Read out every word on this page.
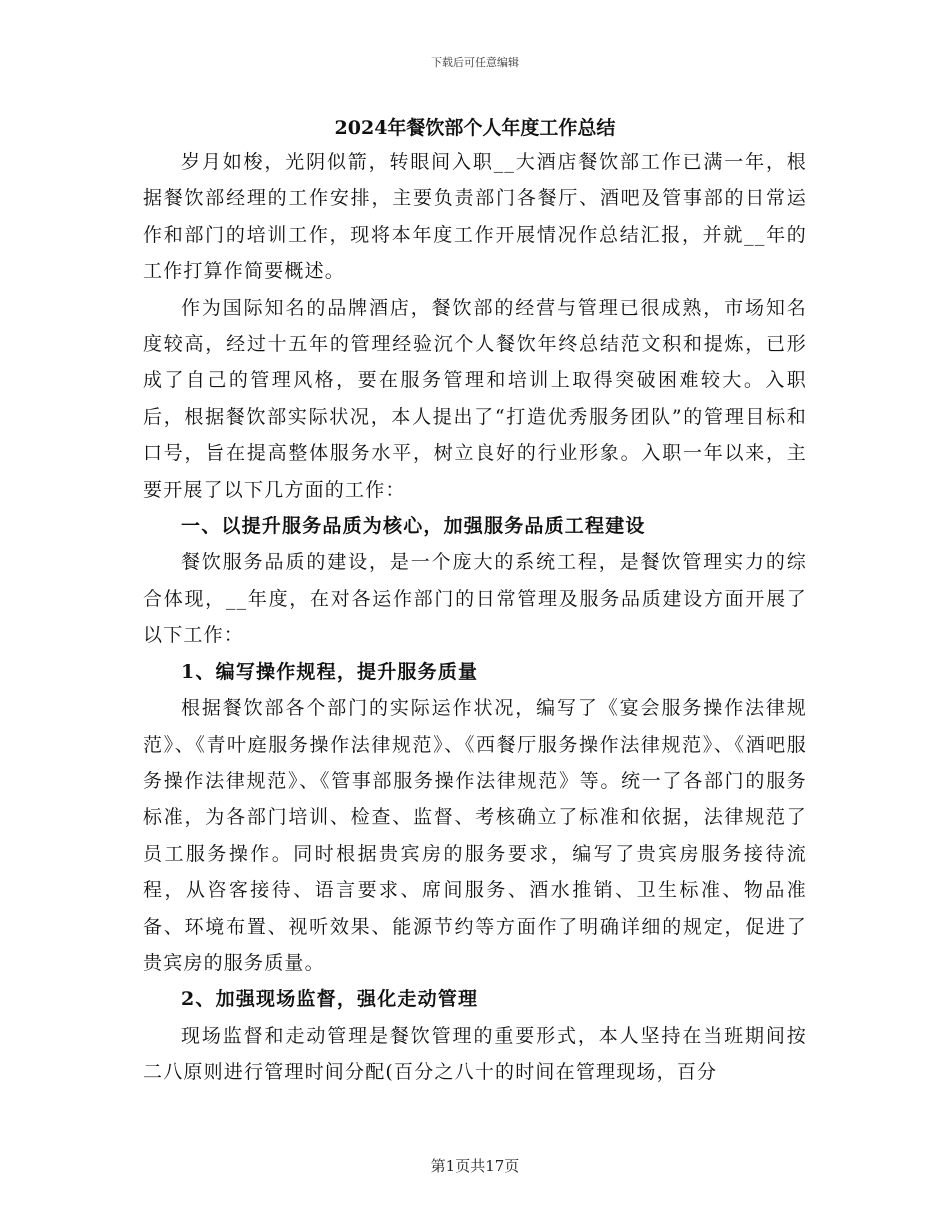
下载后可任意编辑
2024年餐饮部个人年度工作总结

岁月如梭，光阴似箭，转眼间入职__大酒店餐饮部工作已满一年，根据餐饮部经理的工作安排，主要负责部门各餐厅、酒吧及管事部的日常运作和部门的培训工作，现将本年度工作开展情况作总结汇报，并就__年的工作打算作简要概述。

作为国际知名的品牌酒店，餐饮部的经营与管理已很成熟，市场知名度较高，经过十五年的管理经验沉个人餐饮年终总结范文积和提炼，已形成了自己的管理风格，要在服务管理和培训上取得突破困难较大。入职后，根据餐饮部实际状况，本人提出了“打造优秀服务团队”的管理目标和口号，旨在提高整体服务水平，树立良好的行业形象。入职一年以来，主要开展了以下几方面的工作：

一、以提升服务品质为核心，加强服务品质工程建设

餐饮服务品质的建设，是一个庞大的系统工程，是餐饮管理实力的综合体现，__年度，在对各运作部门的日常管理及服务品质建设方面开展了以下工作：

1、编写操作规程，提升服务质量

根据餐饮部各个部门的实际运作状况，编写了《宴会服务操作法律规范》、《青叶庭服务操作法律规范》、《西餐厅服务操作法律规范》、《酒吧服务操作法律规范》、《管事部服务操作法律规范》等。统一了各部门的服务标准，为各部门培训、检查、监督、考核确立了标准和依据，法律规范了员工服务操作。同时根据贵宾房的服务要求，编写了贵宾房服务接待流程，从咨客接待、语言要求、席间服务、酒水推销、卫生标准、物品准备、环境布置、视听效果、能源节约等方面作了明确详细的规定，促进了贵宾房的服务质量。

2、加强现场监督，强化走动管理

现场监督和走动管理是餐饮管理的重要形式，本人坚持在当班期间按二八原则进行管理时间分配(百分之八十的时间在管理现场，百分

第1页共17页
